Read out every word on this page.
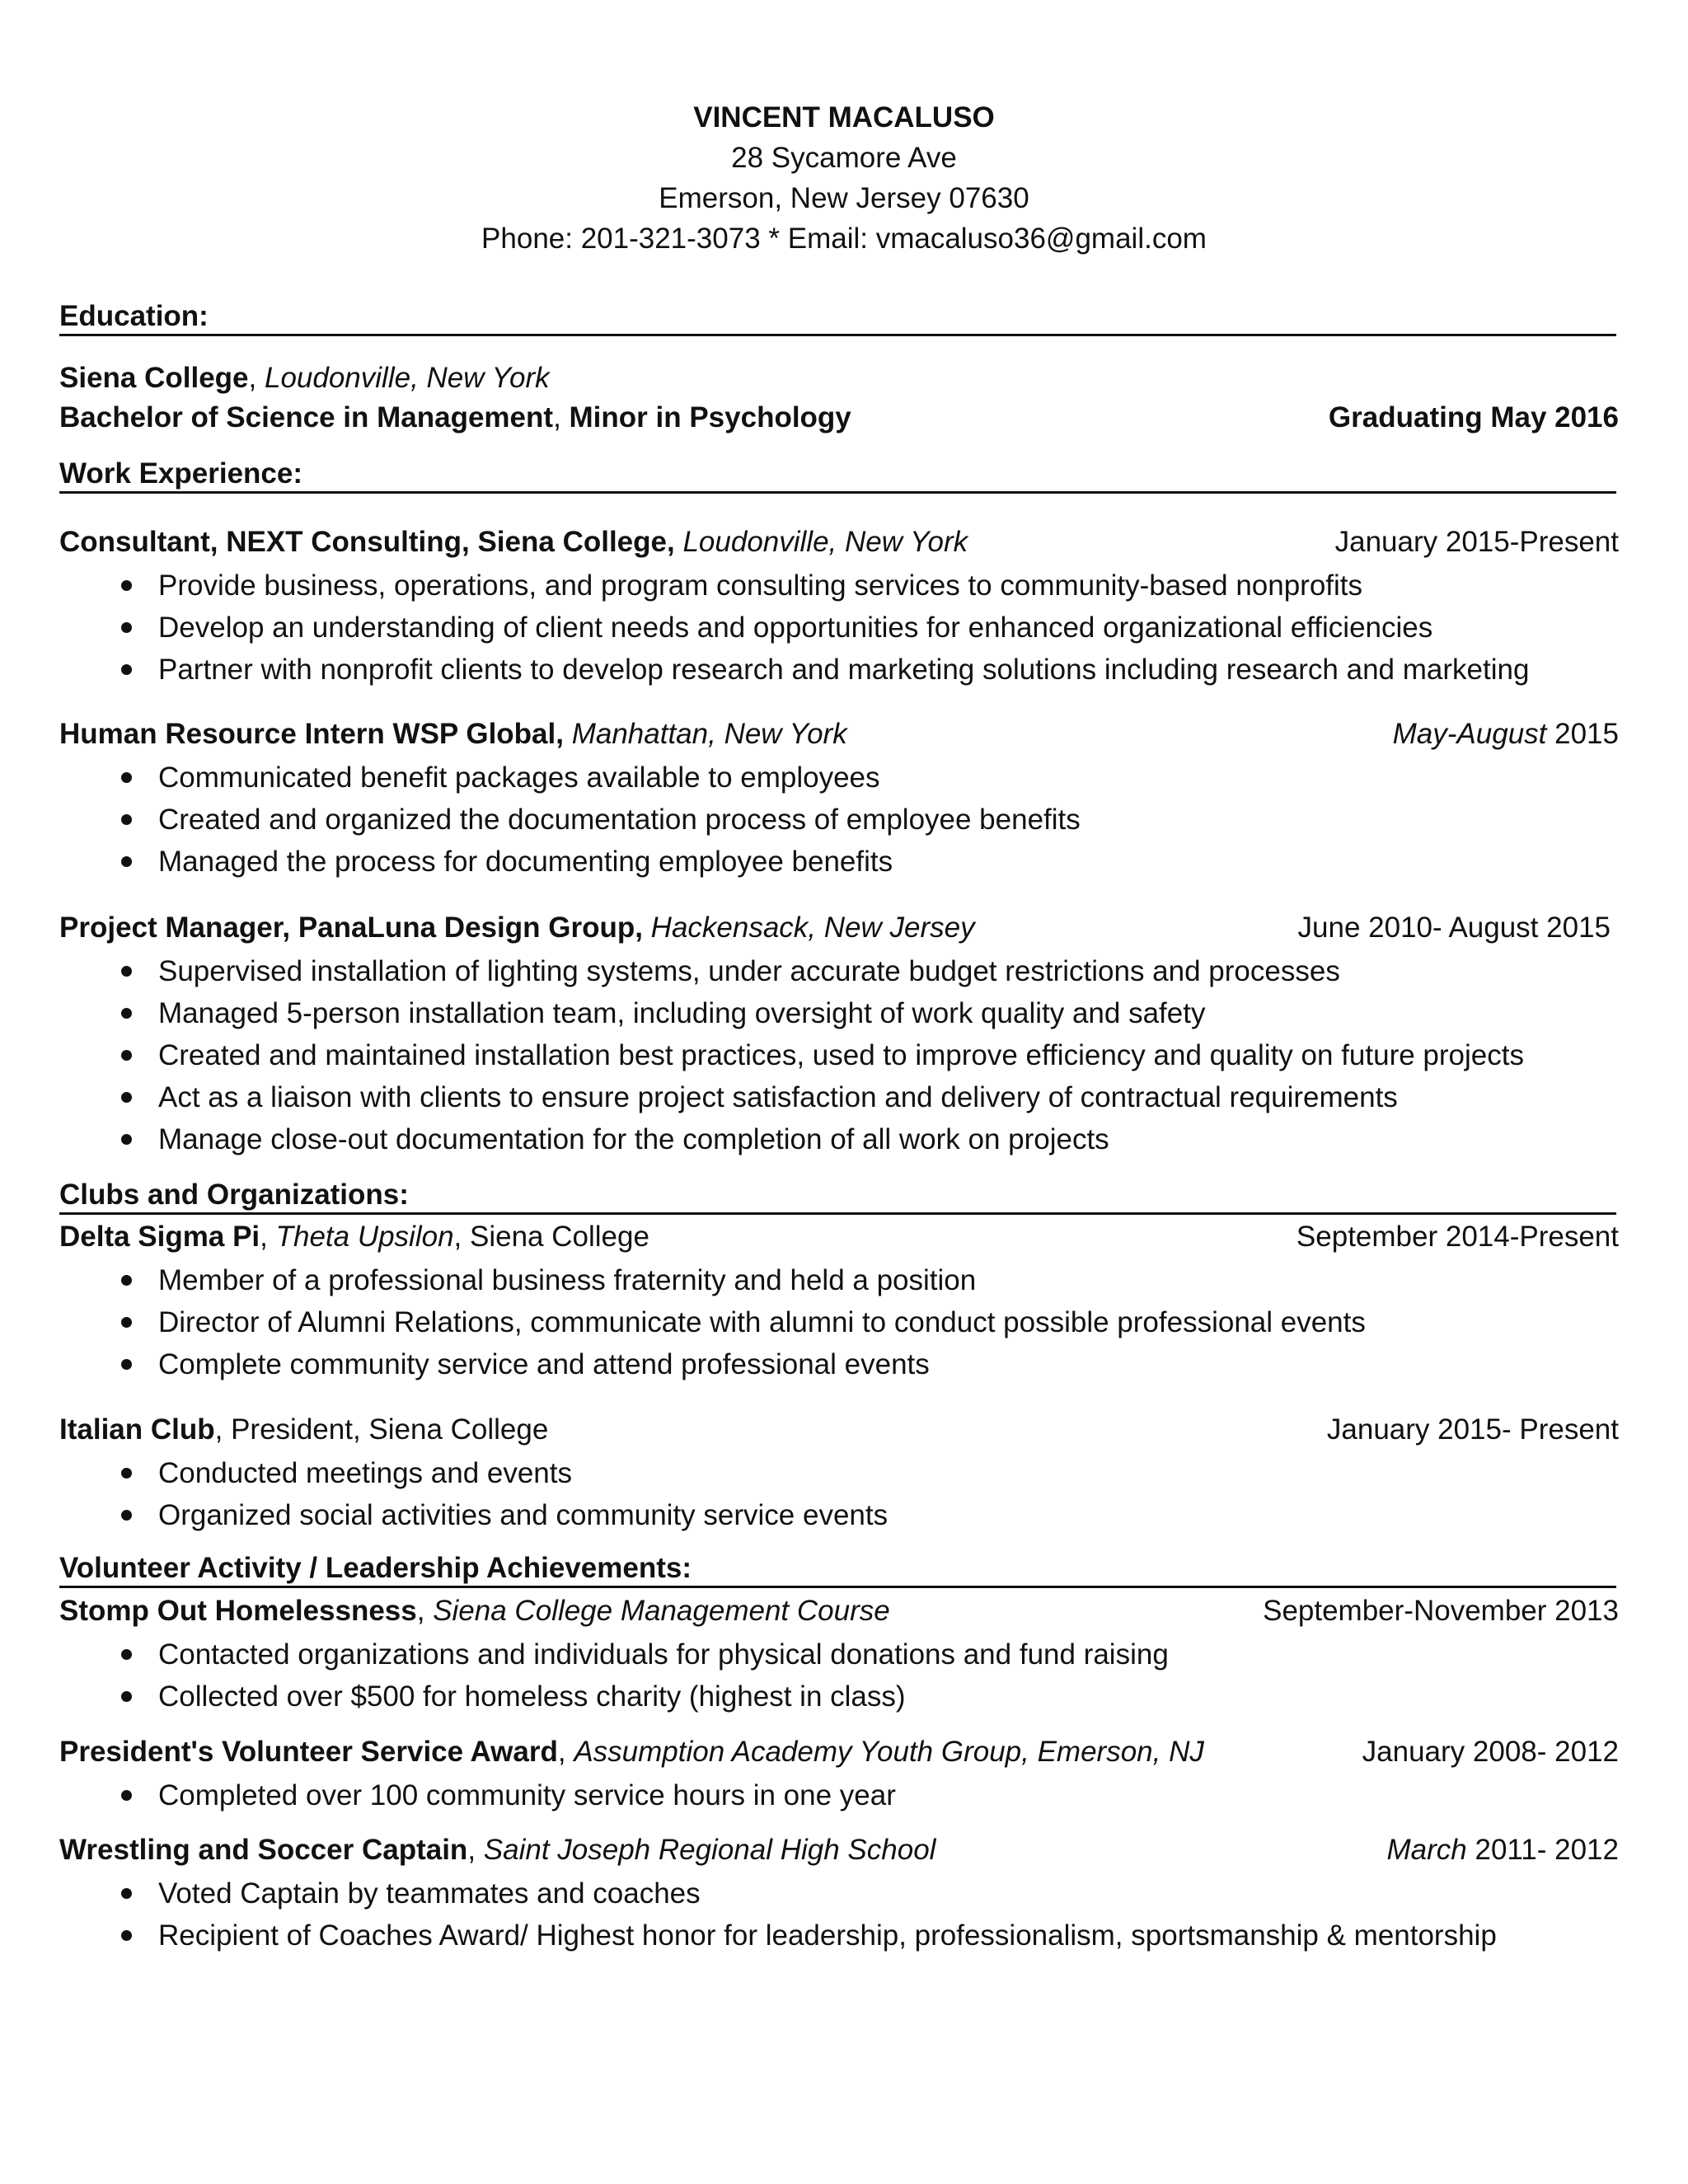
VINCENT MACALUSO
28 Sycamore Ave
Emerson, New Jersey 07630
Phone: 201-321-3073 * Email: vmacaluso36@gmail.com
Education:
Siena College, Loudonville, New York
Bachelor of Science in Management, Minor in Psychology	Graduating May 2016
Work Experience:
Consultant, NEXT Consulting, Siena College, Loudonville, New York	January 2015-Present
Provide business, operations, and program consulting services to community-based nonprofits
Develop an understanding of client needs and opportunities for enhanced organizational efficiencies
Partner with nonprofit clients to develop research and marketing solutions including research and marketing
Human Resource Intern WSP Global, Manhattan, New York	May-August 2015
Communicated benefit packages available to employees
Created and organized the documentation process of employee benefits
Managed the process for documenting employee benefits
Project Manager, PanaLuna Design Group, Hackensack, New Jersey	June 2010- August 2015
Supervised installation of lighting systems, under accurate budget restrictions and processes
Managed 5-person installation team, including oversight of work quality and safety
Created and maintained installation best practices, used to improve efficiency and quality on future projects
Act as a liaison with clients to ensure project satisfaction and delivery of contractual requirements
Manage close-out documentation for the completion of all work on projects
Clubs and Organizations:
Delta Sigma Pi, Theta Upsilon, Siena College	September 2014-Present
Member of a professional business fraternity and held a position
Director of Alumni Relations, communicate with alumni to conduct possible professional events
Complete community service and attend professional events
Italian Club, President, Siena College	January 2015- Present
Conducted meetings and events
Organized social activities and community service events
Volunteer Activity / Leadership Achievements:
Stomp Out Homelessness, Siena College Management Course	September-November 2013
Contacted organizations and individuals for physical donations and fund raising
Collected over $500 for homeless charity (highest in class)
President's Volunteer Service Award, Assumption Academy Youth Group, Emerson, NJ	January 2008- 2012
Completed over 100 community service hours in one year
Wrestling and Soccer Captain, Saint Joseph Regional High School	March 2011- 2012
Voted Captain by teammates and coaches
Recipient of Coaches Award/ Highest honor for leadership, professionalism, sportsmanship & mentorship
